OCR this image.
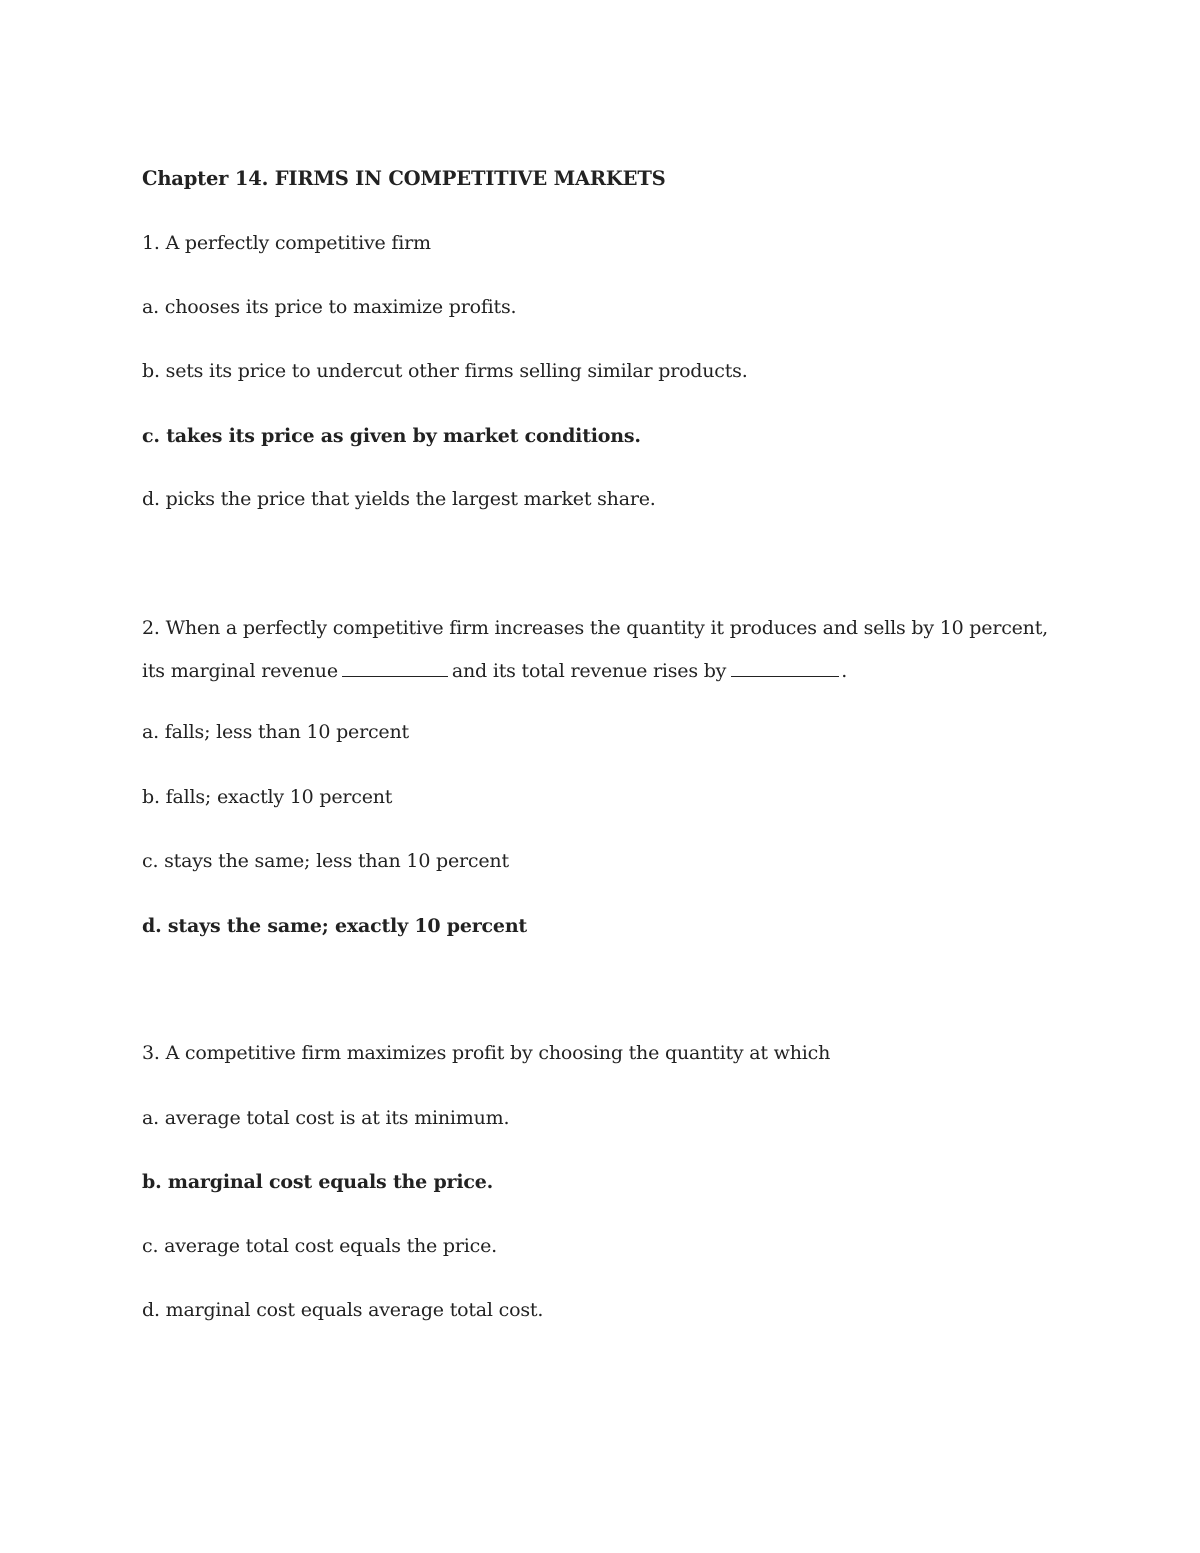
Chapter 14. FIRMS IN COMPETITIVE MARKETS
1. A perfectly competitive firm
a. chooses its price to maximize profits.
b. sets its price to undercut other firms selling similar products.
c. takes its price as given by market conditions.
d. picks the price that yields the largest market share.
2. When a perfectly competitive firm increases the quantity it produces and sells by 10 percent,
its marginal revenue	and its total revenue rises by	.
a. falls; less than 10 percent
b. falls; exactly 10 percent
c. stays the same; less than 10 percent
d. stays the same; exactly 10 percent
3. A competitive firm maximizes profit by choosing the quantity at which
a. average total cost is at its minimum.
b. marginal cost equals the price.
c. average total cost equals the price.
d. marginal cost equals average total cost.
